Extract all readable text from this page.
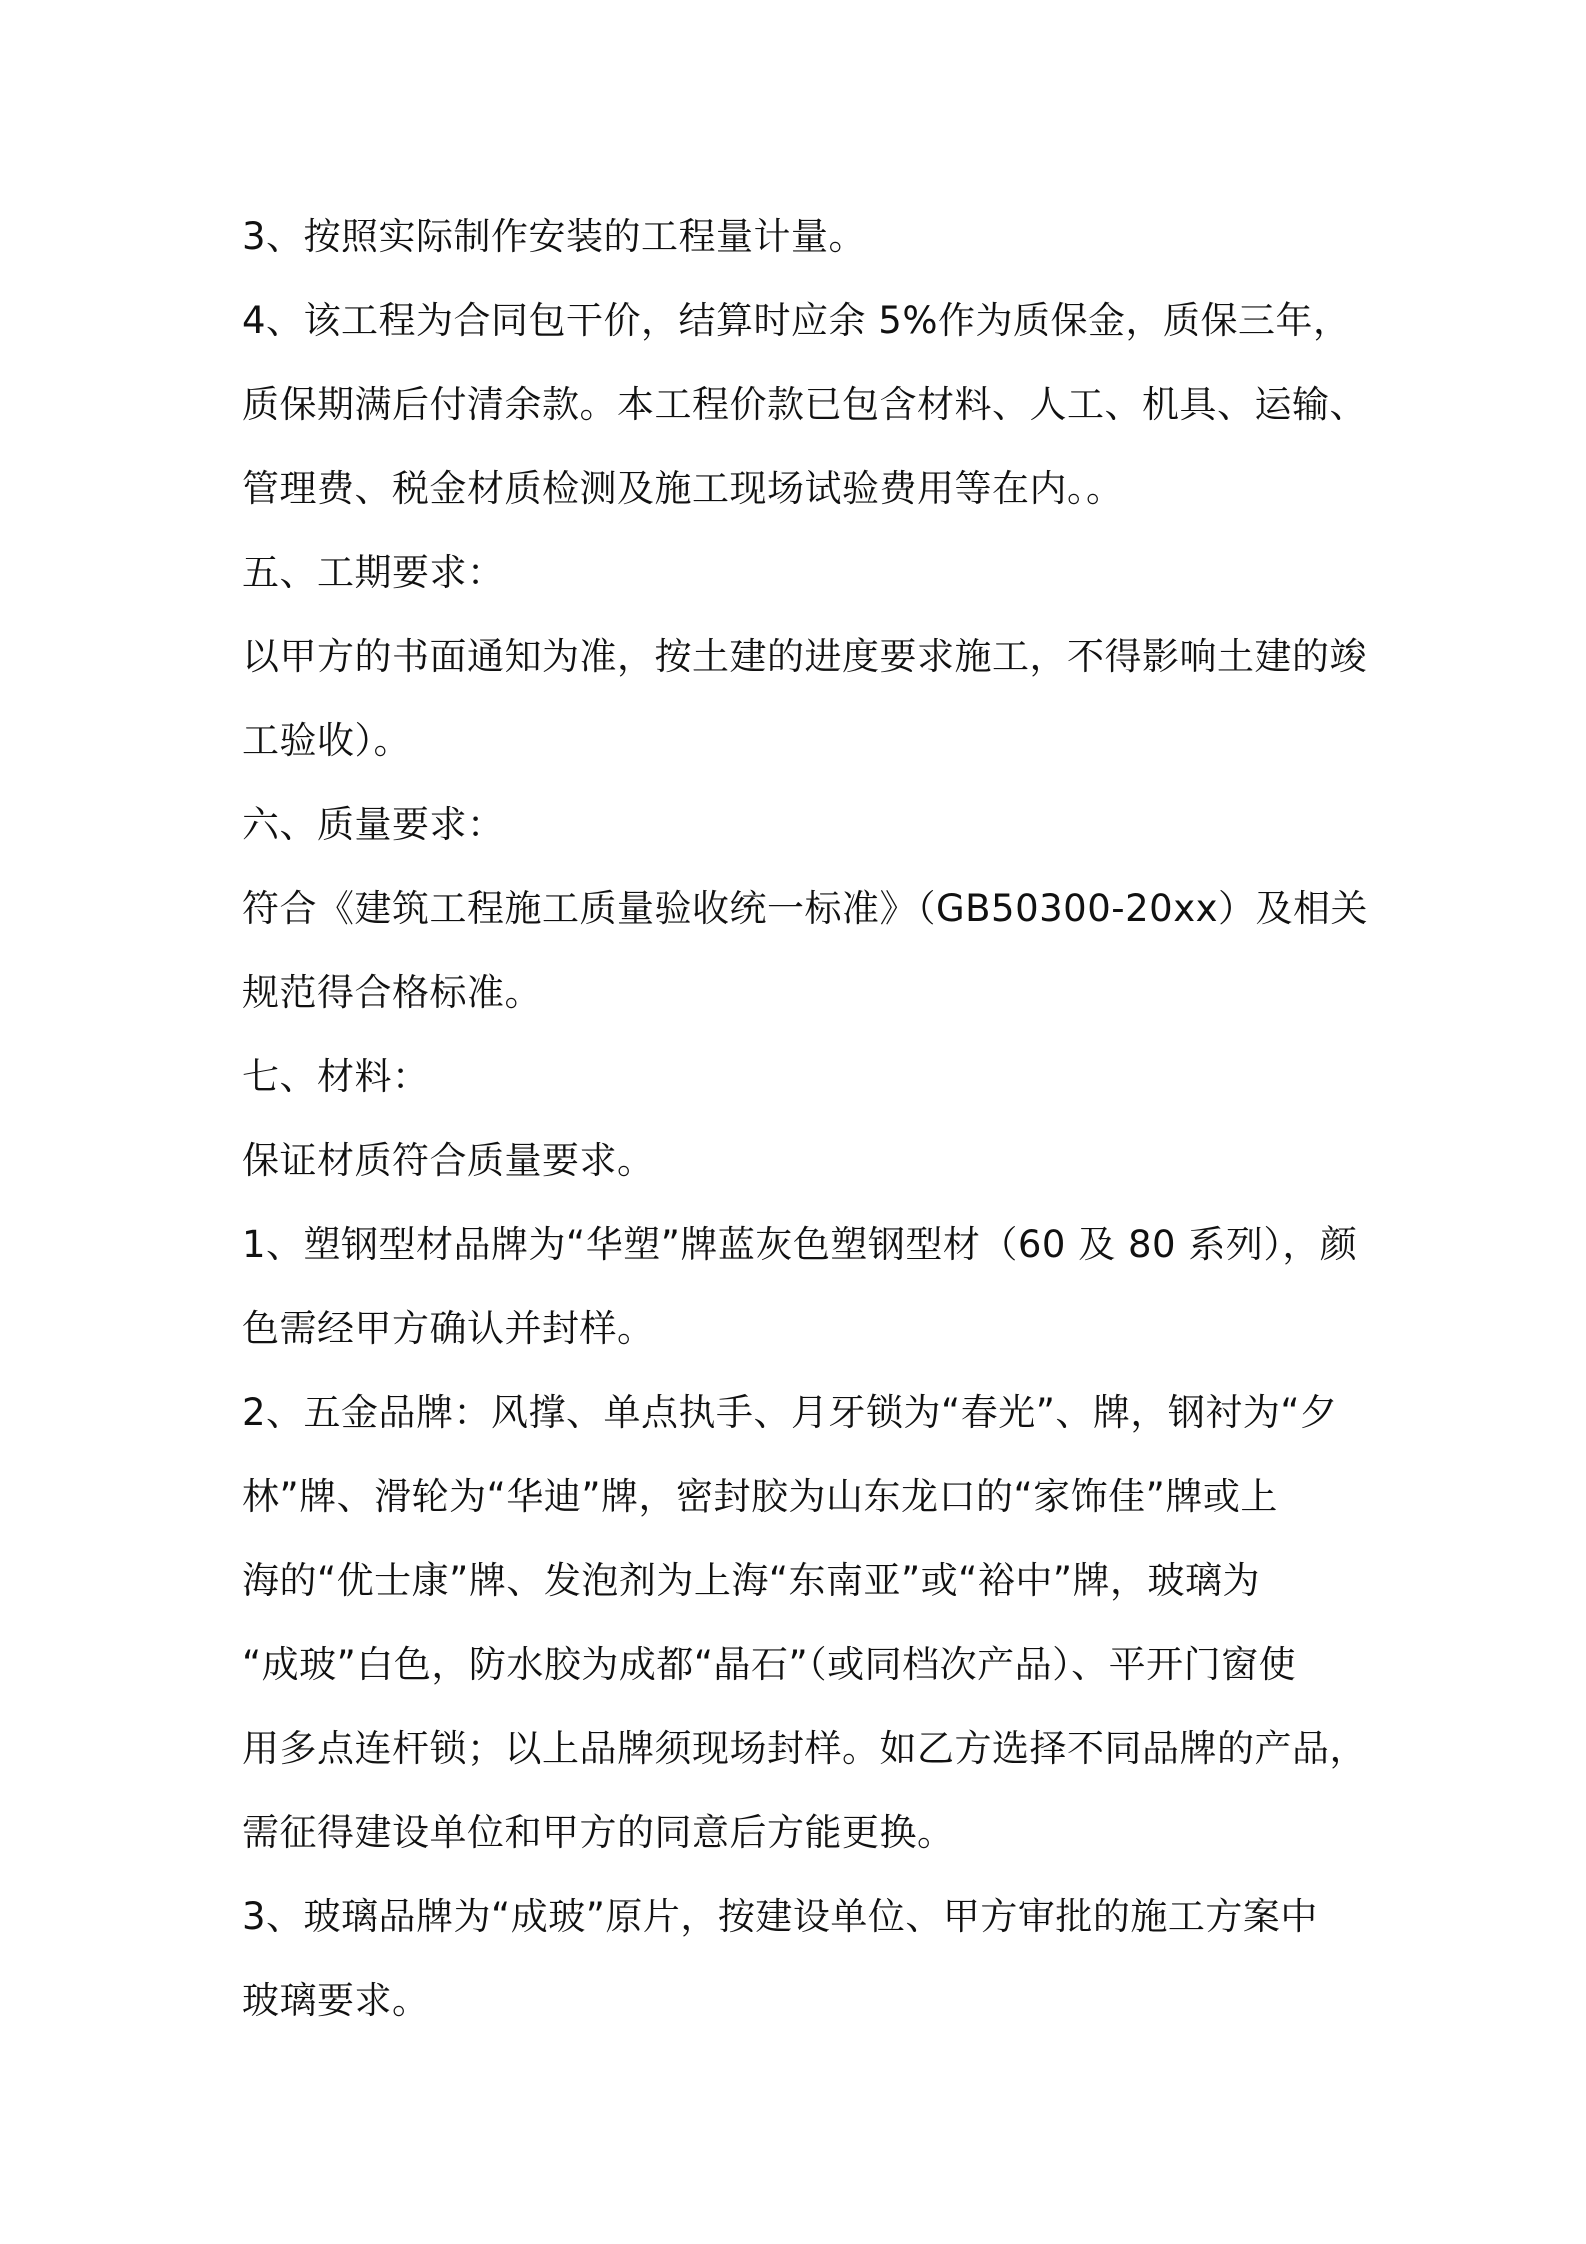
3、按照实际制作安装的工程量计量。
4、该工程为合同包干价，结算时应余 5%作为质保金，质保三年，
质保期满后付清余款。本工程价款已包含材料、人工、机具、运输、
管理费、税金材质检测及施工现场试验费用等在内。。
五、工期要求：
以甲方的书面通知为准，按土建的进度要求施工，不得影响土建的竣
工验收）。
六、质量要求：
符合《建筑工程施工质量验收统一标准》（GB50300-20xx）及相关
规范得合格标准。
七、材料：
保证材质符合质量要求。
1、塑钢型材品牌为“华塑”牌蓝灰色塑钢型材（60 及 80 系列），颜
色需经甲方确认并封样。
2、五金品牌：风撑、单点执手、月牙锁为“春光”、牌，钢衬为“夕
林”牌、滑轮为“华迪”牌，密封胶为山东龙口的“家饰佳”牌或上
海的“优士康”牌、发泡剂为上海“东南亚”或“裕中”牌，玻璃为
“成玻”白色，防水胶为成都“晶石”（或同档次产品）、平开门窗使
用多点连杆锁；以上品牌须现场封样。如乙方选择不同品牌的产品，
需征得建设单位和甲方的同意后方能更换。
3、玻璃品牌为“成玻”原片，按建设单位、甲方审批的施工方案中
玻璃要求。
